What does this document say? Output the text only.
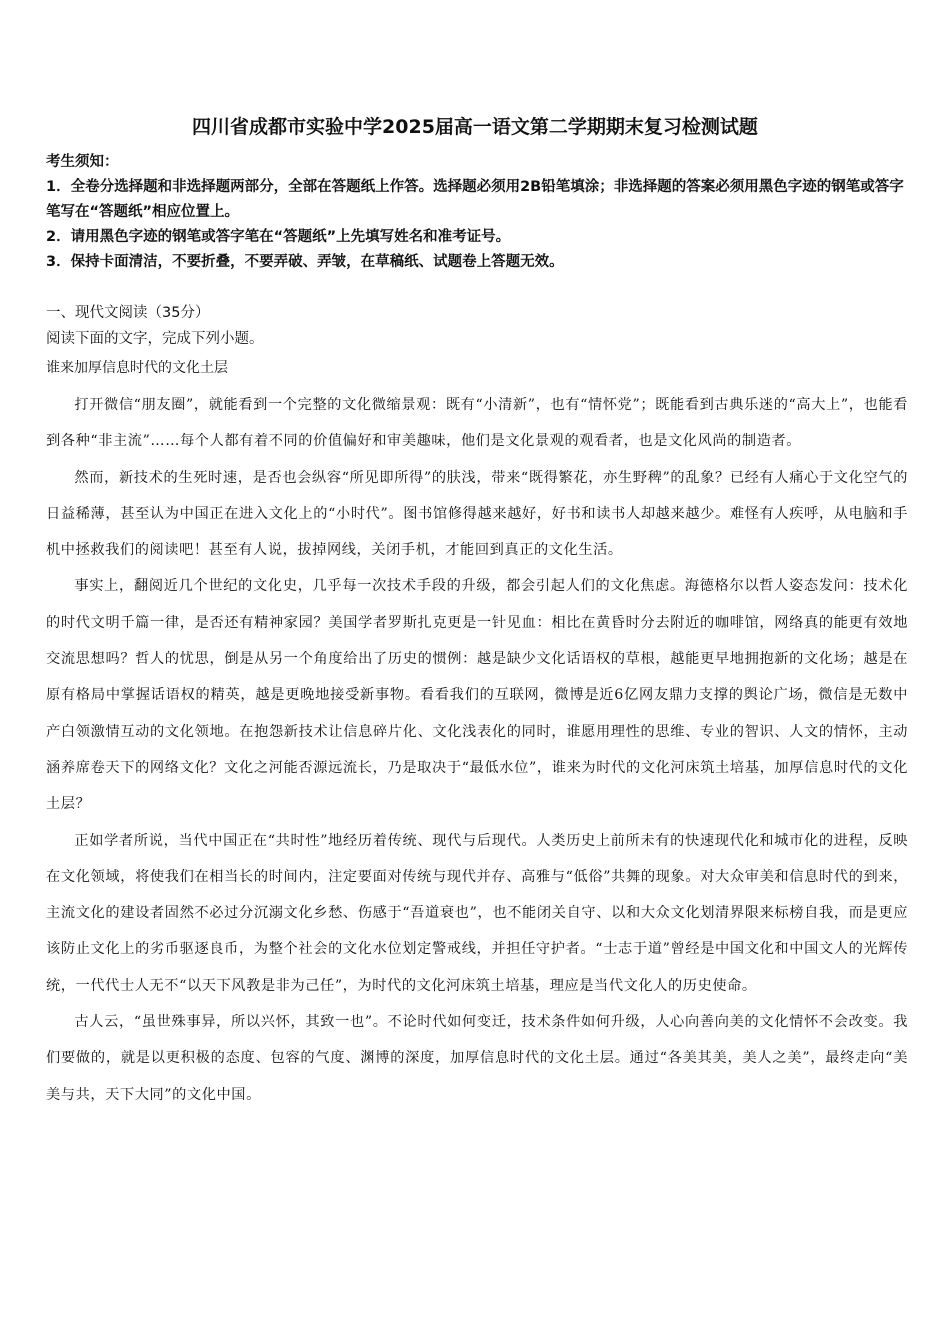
四川省成都市实验中学2025届高一语文第二学期期末复习检测试题

考生须知：

1．全卷分选择题和非选择题两部分，全部在答题纸上作答。选择题必须用2B铅笔填涂；非选择题的答案必须用黑色字迹的钢笔或答字笔写在“答题纸”相应位置上。

2．请用黑色字迹的钢笔或答字笔在“答题纸”上先填写姓名和准考证号。

3．保持卡面清洁，不要折叠，不要弄破、弄皱，在草稿纸、试题卷上答题无效。

一、现代文阅读（35分）

阅读下面的文字，完成下列小题。

谁来加厚信息时代的文化土层

打开微信“朋友圈”，就能看到一个完整的文化微缩景观：既有“小清新”，也有“情怀党”；既能看到古典乐迷的“高大上”，也能看到各种“非主流”……每个人都有着不同的价值偏好和审美趣味，他们是文化景观的观看者，也是文化风尚的制造者。

然而，新技术的生死时速，是否也会纵容“所见即所得”的肤浅，带来“既得繁花，亦生野稗”的乱象？已经有人痛心于文化空气的日益稀薄，甚至认为中国正在进入文化上的“小时代”。图书馆修得越来越好，好书和读书人却越来越少。难怪有人疾呼，从电脑和手机中拯救我们的阅读吧！甚至有人说，拔掉网线，关闭手机，才能回到真正的文化生活。

事实上，翻阅近几个世纪的文化史，几乎每一次技术手段的升级，都会引起人们的文化焦虑。海德格尔以哲人姿态发问：技术化的时代文明千篇一律，是否还有精神家园？美国学者罗斯扎克更是一针见血：相比在黄昏时分去附近的咖啡馆，网络真的能更有效地交流思想吗？哲人的忧思，倒是从另一个角度给出了历史的惯例：越是缺少文化话语权的草根，越能更早地拥抱新的文化场；越是在原有格局中掌握话语权的精英，越是更晚地接受新事物。看看我们的互联网，微博是近6亿网友鼎力支撑的舆论广场，微信是无数中产白领激情互动的文化领地。在抱怨新技术让信息碎片化、文化浅表化的同时，谁愿用理性的思维、专业的智识、人文的情怀，主动涵养席卷天下的网络文化？文化之河能否源远流长，乃是取决于“最低水位”，谁来为时代的文化河床筑土培基，加厚信息时代的文化土层？

正如学者所说，当代中国正在“共时性”地经历着传统、现代与后现代。人类历史上前所未有的快速现代化和城市化的进程，反映在文化领域，将使我们在相当长的时间内，注定要面对传统与现代并存、高雅与“低俗”共舞的现象。对大众审美和信息时代的到来，主流文化的建设者固然不必过分沉溺文化乡愁、伤感于“吾道衰也”，也不能闭关自守、以和大众文化划清界限来标榜自我，而是更应该防止文化上的劣币驱逐良币，为整个社会的文化水位划定警戒线，并担任守护者。“士志于道”曾经是中国文化和中国文人的光辉传统，一代代士人无不“以天下风教是非为己任”，为时代的文化河床筑土培基，理应是当代文化人的历史使命。

古人云，“虽世殊事异，所以兴怀，其致一也”。不论时代如何变迁，技术条件如何升级，人心向善向美的文化情怀不会改变。我们要做的，就是以更积极的态度、包容的气度、渊博的深度，加厚信息时代的文化土层。通过“各美其美，美人之美”，最终走向“美美与共，天下大同”的文化中国。
